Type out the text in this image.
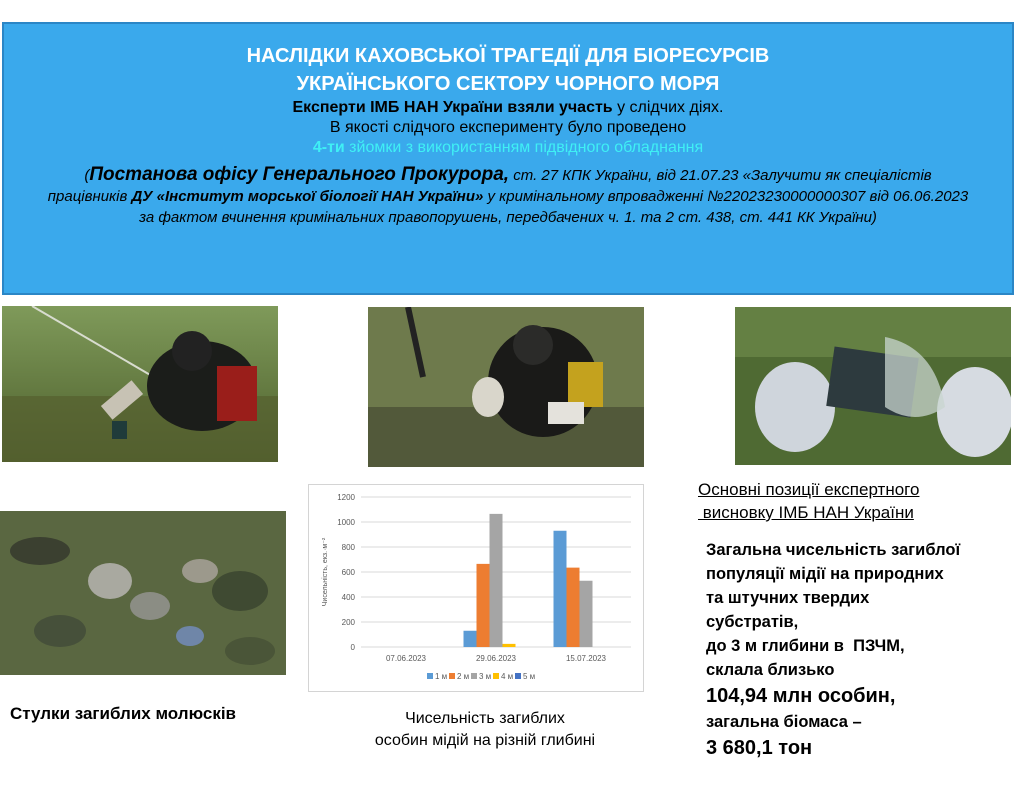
НАСЛІДКИ КАХОВСЬКОЇ ТРАГЕДІЇ ДЛЯ БІОРЕСУРСІВ
УКРАЇНСЬКОГО СЕКТОРУ ЧОРНОГО МОРЯ
Експерти ІМБ НАН України взяли участь у слідчих діях.
В якості слідчого експерименту було проведено
4-ти зйомки з використанням підвідного обладнання
(Постанова офісу Генерального Прокурора, ст. 27 КПК України, від 21.07.23 «Залучити як спеціалістів працівників ДУ «Інститут морської біології НАН України» у кримінальному впровадженні №22023230000000307 від 06.06.2023 за фактом вчинення кримінальних правопорушень, передбачених ч. 1. та 2 ст. 438, ст. 441 КК України)
0
200
400
600
800
1000
1200
Чисельність, екз.·м⁻²
07.06.2023	29.06.2023	15.07.2023
1 м 2 м 3 м 4 м 5 м
Стулки загиблих молюсків	Чисельність загиблих
особин мідій на різній глибині
Основні позиції експертного
висновку ІМБ НАН України
Загальна чисельність загиблої
популяції мідії на природних
та штучних твердих
субстратів,
до 3 м глибини в  ПЗЧМ,
склала близько
104,94 млн особин,
загальна біомаса –
3 680,1 тон
